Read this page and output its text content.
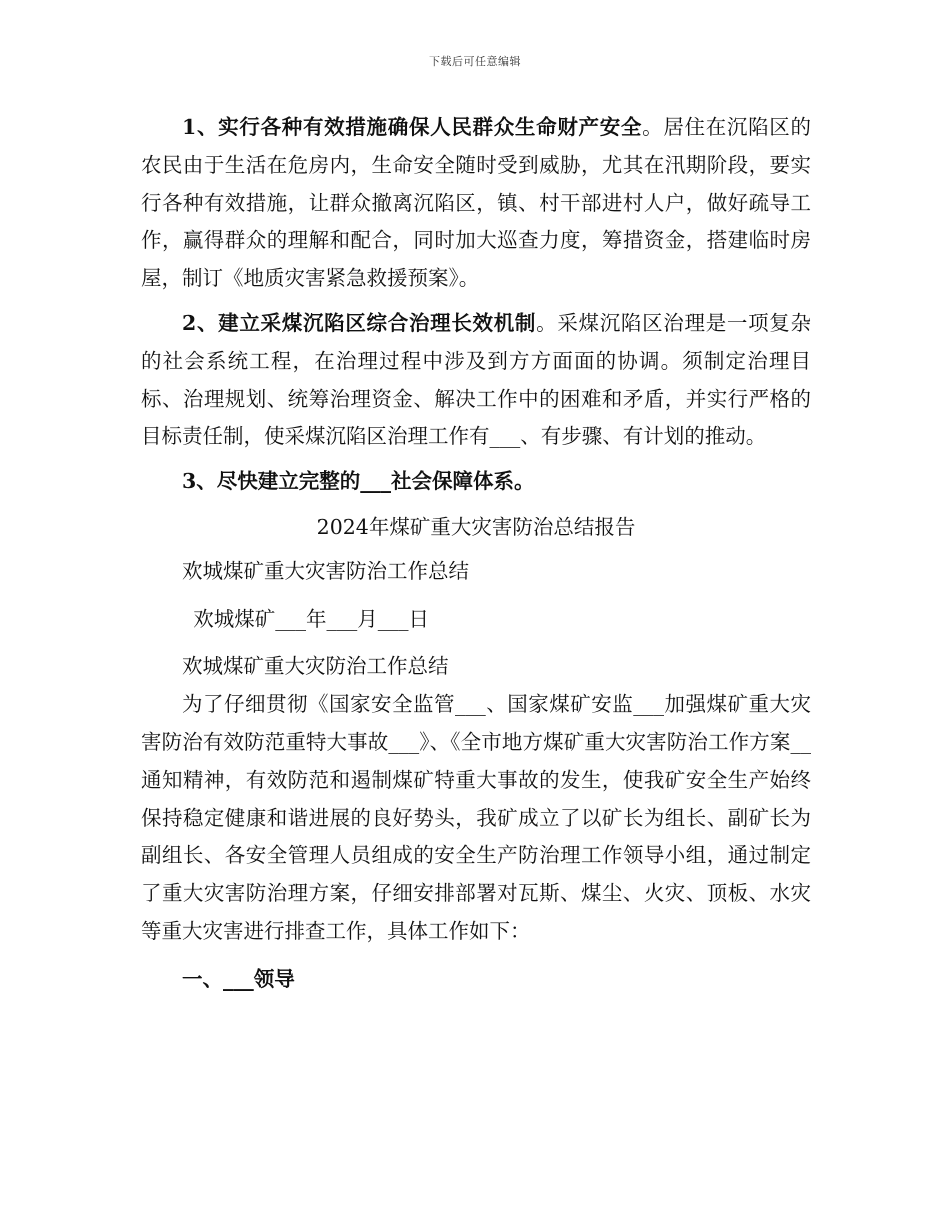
下载后可任意编辑

1、实行各种有效措施确保人民群众生命财产安全。居住在沉陷区的农民由于生活在危房内，生命安全随时受到威胁，尤其在汛期阶段，要实行各种有效措施，让群众撤离沉陷区，镇、村干部进村人户，做好疏导工作，赢得群众的理解和配合，同时加大巡查力度，筹措资金，搭建临时房屋，制订《地质灾害紧急救援预案》。

2、建立采煤沉陷区综合治理长效机制。采煤沉陷区治理是一项复杂的社会系统工程，在治理过程中涉及到方方面面的协调。须制定治理目标、治理规划、统筹治理资金、解决工作中的困难和矛盾，并实行严格的目标责任制，使采煤沉陷区治理工作有___、有步骤、有计划的推动。

3、尽快建立完整的___社会保障体系。

2024年煤矿重大灾害防治总结报告

欢城煤矿重大灾害防治工作总结

欢城煤矿___年___月___日

欢城煤矿重大灾防治工作总结

为了仔细贯彻《国家安全监管___、国家煤矿安监___加强煤矿重大灾害防治有效防范重特大事故___》、《全市地方煤矿重大灾害防治工作方案__通知精神，有效防范和遏制煤矿特重大事故的发生，使我矿安全生产始终保持稳定健康和谐进展的良好势头，我矿成立了以矿长为组长、副矿长为副组长、各安全管理人员组成的安全生产防治理工作领导小组，通过制定了重大灾害防治理方案，仔细安排部署对瓦斯、煤尘、火灾、顶板、水灾等重大灾害进行排查工作，具体工作如下：

一、___领导
